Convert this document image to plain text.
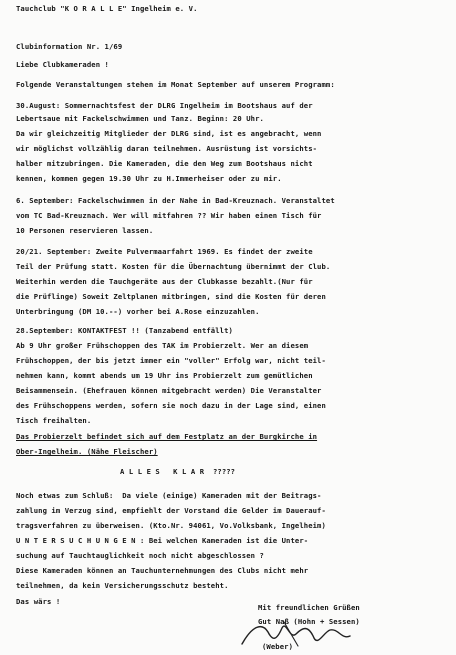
Tauchclub "K O R A L L E" Ingelheim e. V.
Clubinformation Nr. 1/69
Liebe Clubkameraden !
Folgende Veranstaltungen stehen im Monat September auf unserem Programm:
30.August: Sommernachtsfest der DLRG Ingelheim im Bootshaus auf der
Lebertsaue mit Fackelschwimmen und Tanz. Beginn: 20 Uhr.
Da wir gleichzeitig Mitglieder der DLRG sind, ist es angebracht, wenn
wir möglichst vollzählig daran teilnehmen. Ausrüstung ist vorsichts-
halber mitzubringen. Die Kameraden, die den Weg zum Bootshaus nicht
kennen, kommen gegen 19.30 Uhr zu H.Immerheiser oder zu mir.
6. September: Fackelschwimmen in der Nahe in Bad-Kreuznach. Veranstaltet
vom TC Bad-Kreuznach. Wer will mitfahren ?? Wir haben einen Tisch für
10 Personen reservieren lassen.
20/21. September: Zweite Pulvermaarfahrt 1969. Es findet der zweite
Teil der Prüfung statt. Kosten für die Übernachtung übernimmt der Club.
Weiterhin werden die Tauchgeräte aus der Clubkasse bezahlt.(Nur für
die Prüflinge) Soweit Zeltplanen mitbringen, sind die Kosten für deren
Unterbringung (DM 10.--) vorher bei A.Rose einzuzahlen.
28.September: KONTAKTFEST !! (Tanzabend entfällt)
Ab 9 Uhr großer Frühschoppen des TAK im Probierzelt. Wer an diesem
Frühschoppen, der bis jetzt immer ein "voller" Erfolg war, nicht teil-
nehmen kann, kommt abends um 19 Uhr ins Probierzelt zum gemütlichen
Beisammensein. (Ehefrauen können mitgebracht werden) Die Veranstalter
des Frühschoppens werden, sofern sie noch dazu in der Lage sind, einen
Tisch freihalten.
Das Probierzelt befindet sich auf dem Festplatz an der Burgkirche in
Ober-Ingelheim. (Nähe Fleischer)
A L L E S   K L A R  ?????
Noch etwas zum Schluß:  Da viele (einige) Kameraden mit der Beitrags-
zahlung im Verzug sind, empfiehlt der Vorstand die Gelder im Dauerauf-
tragsverfahren zu überweisen. (Kto.Nr. 94061, Vo.Volksbank, Ingelheim)
U N T E R S U C H U N G E N : Bei welchen Kameraden ist die Unter-
suchung auf Tauchtauglichkeit noch nicht abgeschlossen ?
Diese Kameraden können an Tauchunternehmungen des Clubs nicht mehr
teilnehmen, da kein Versicherungsschutz besteht.
Das wärs !
Mit freundlichen Grüßen
Gut Naß (Hohn + Sessen)
(Weber)
